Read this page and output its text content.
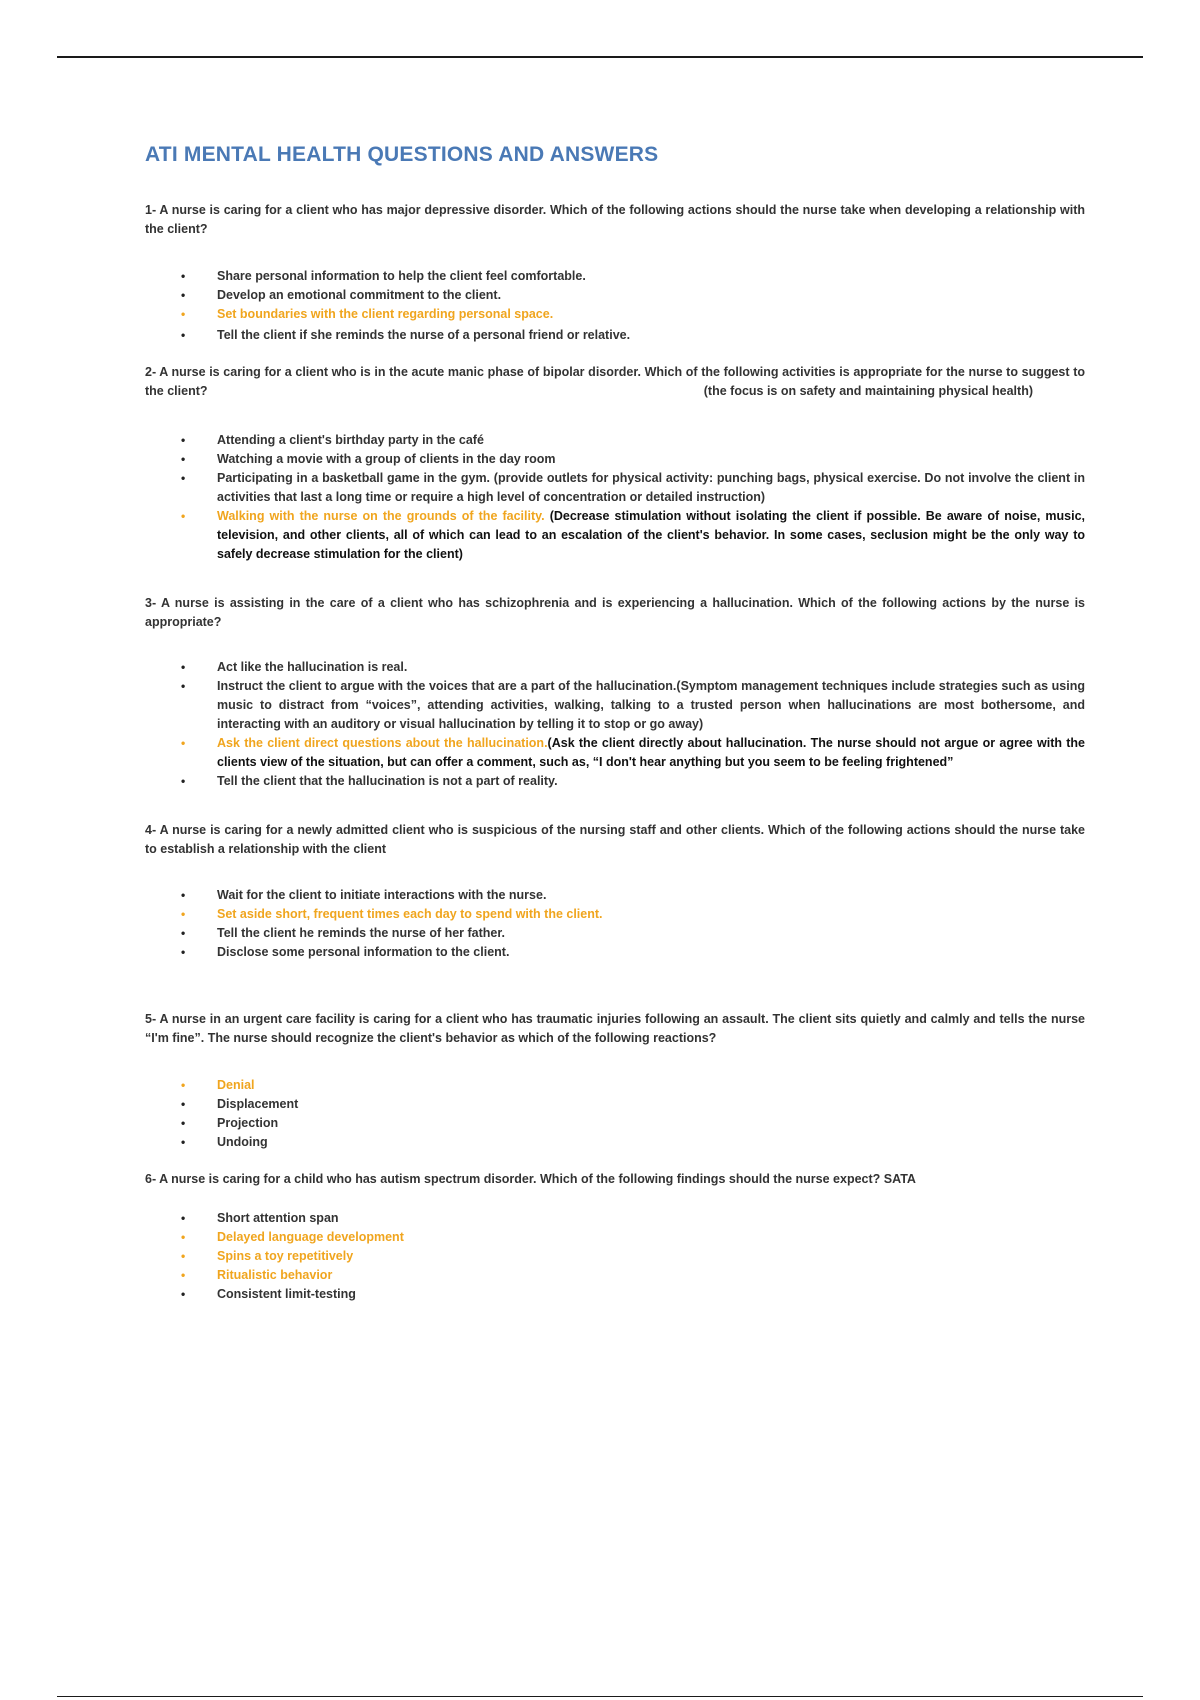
ATI MENTAL HEALTH QUESTIONS AND ANSWERS

1- A nurse is caring for a client who has major depressive disorder. Which of the following actions should the nurse take when developing a relationship with the client?

• Share personal information to help the client feel comfortable.
• Develop an emotional commitment to the client.
• Set boundaries with the client regarding personal space.
• Tell the client if she reminds the nurse of a personal friend or relative.

2- A nurse is caring for a client who is in the acute manic phase of bipolar disorder. Which of the following activities is appropriate for the nurse to suggest to the client?	(the focus is on safety and maintaining physical health)

• Attending a client's birthday party in the café
• Watching a movie with a group of clients in the day room
• Participating in a basketball game in the gym. (provide outlets for physical activity: punching bags, physical exercise. Do not involve the client in activities that last a long time or require a high level of concentration or detailed instruction)
• Walking with the nurse on the grounds of the facility. (Decrease stimulation without isolating the client if possible. Be aware of noise, music, television, and other clients, all of which can lead to an escalation of the client's behavior. In some cases, seclusion might be the only way to safely decrease stimulation for the client)

3- A nurse is assisting in the care of a client who has schizophrenia and is experiencing a hallucination. Which of the following actions by the nurse is appropriate?

• Act like the hallucination is real.
• Instruct the client to argue with the voices that are a part of the hallucination.(Symptom management techniques include strategies such as using music to distract from “voices”, attending activities, walking, talking to a trusted person when hallucinations are most bothersome, and interacting with an auditory or visual hallucination by telling it to stop or go away)
• Ask the client direct questions about the hallucination.(Ask the client directly about hallucination. The nurse should not argue or agree with the clients view of the situation, but can offer a comment, such as, “I don't hear anything but you seem to be feeling frightened”
• Tell the client that the hallucination is not a part of reality.

4- A nurse is caring for a newly admitted client who is suspicious of the nursing staff and other clients. Which of the following actions should the nurse take to establish a relationship with the client

• Wait for the client to initiate interactions with the nurse.
• Set aside short, frequent times each day to spend with the client.
• Tell the client he reminds the nurse of her father.
• Disclose some personal information to the client.

5- A nurse in an urgent care facility is caring for a client who has traumatic injuries following an assault. The client sits quietly and calmly and tells the nurse “I'm fine”. The nurse should recognize the client's behavior as which of the following reactions?

• Denial
• Displacement
• Projection
• Undoing

6- A nurse is caring for a child who has autism spectrum disorder. Which of the following findings should the nurse expect? SATA

• Short attention span
• Delayed language development
• Spins a toy repetitively
• Ritualistic behavior
• Consistent limit-testing
